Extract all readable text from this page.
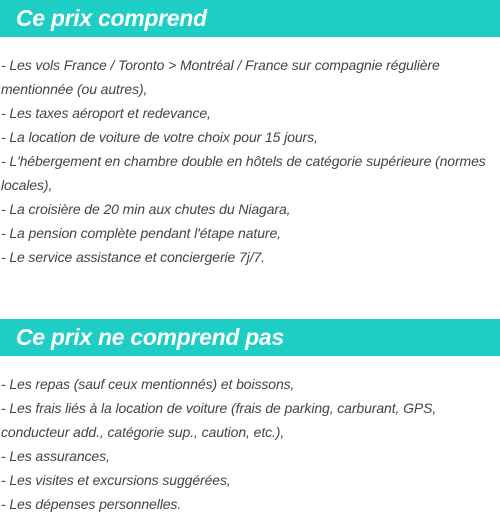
Ce prix comprend
- Les vols France / Toronto > Montréal / France sur compagnie régulière mentionnée (ou autres),
- Les taxes aéroport et redevance,
- La location de voiture de votre choix pour 15 jours,
- L'hébergement en chambre double en hôtels de catégorie supérieure (normes locales),
- La croisière de 20 min aux chutes du Niagara,
- La pension complète pendant l'étape nature,
- Le service assistance et conciergerie 7j/7.
Ce prix ne comprend pas
- Les repas (sauf ceux mentionnés) et boissons,
- Les frais liés à la location de voiture (frais de parking, carburant, GPS, conducteur add., catégorie sup., caution, etc.),
- Les assurances,
- Les visites et excursions suggérées,
- Les dépenses personnelles.
